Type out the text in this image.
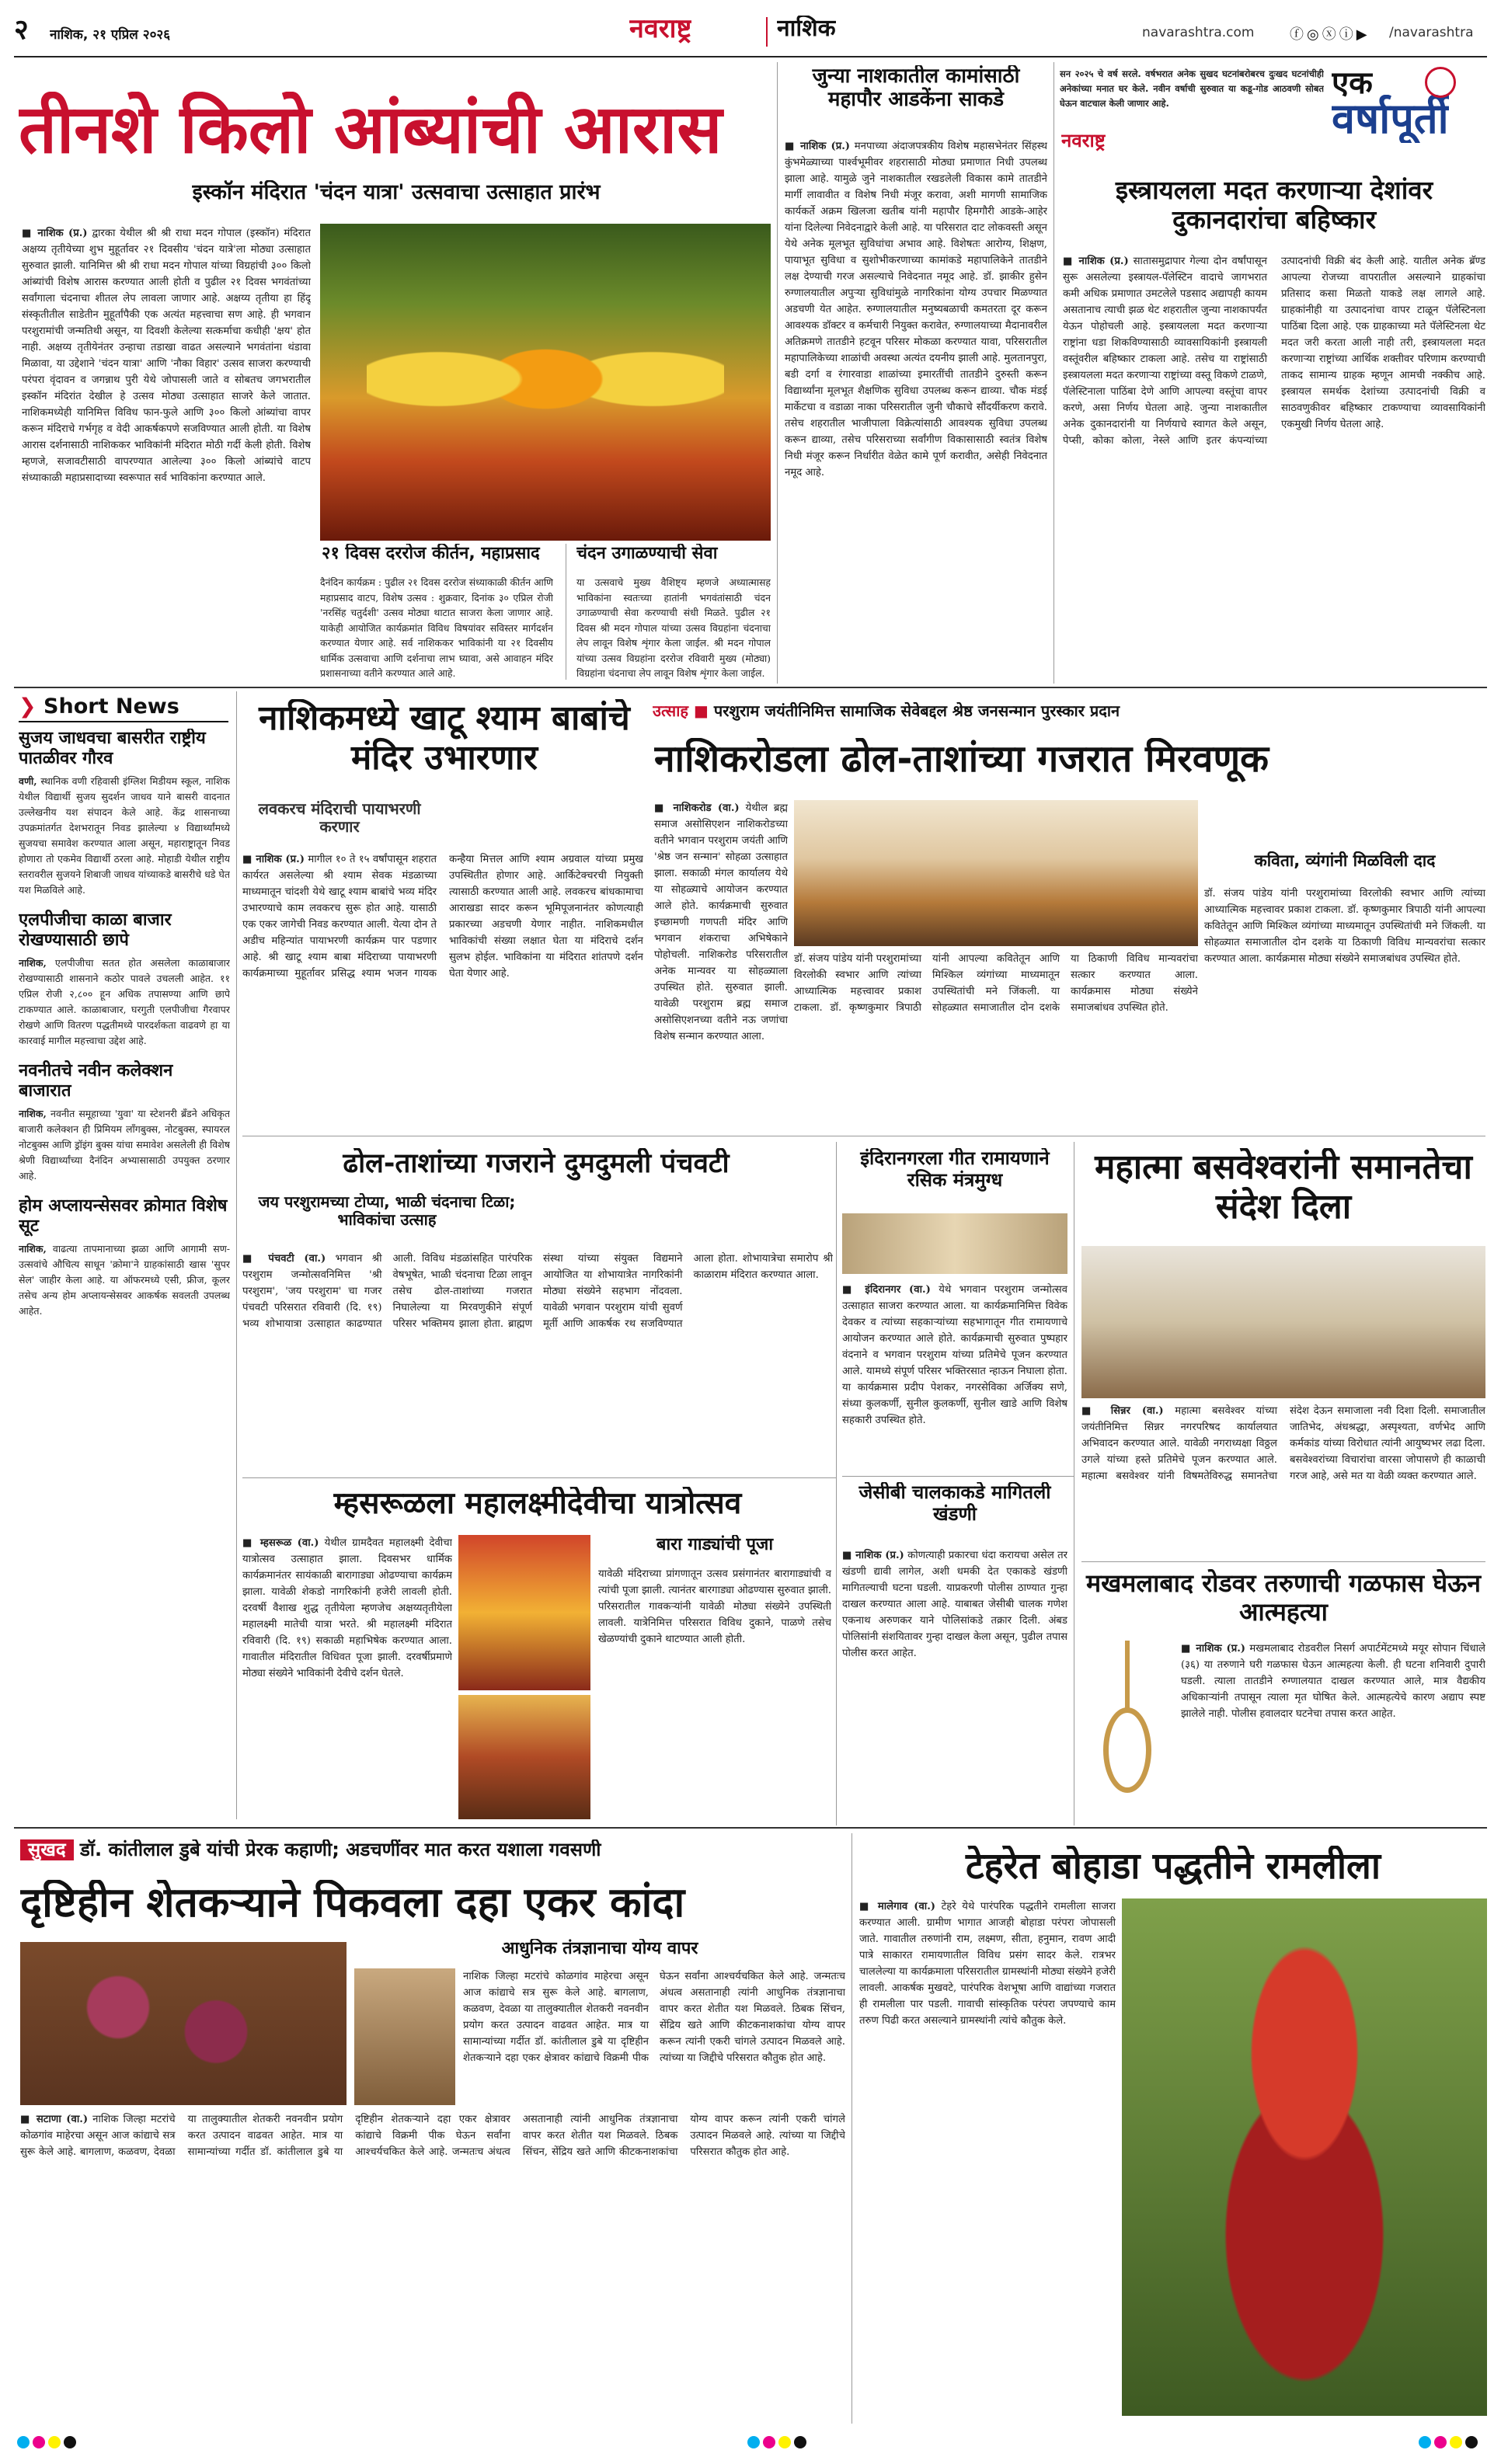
२ नाशिक, २१ एप्रिल २०२६	नवराष्ट्र	नाशिक	navarashtra.com	ⓕ◎ⓧⓘ▶ /navarashtra
तीनशे किलो आंब्यांची आरास
इस्कॉन मंदिरात 'चंदन यात्रा' उत्सवाचा उत्साहात प्रारंभ
■ नाशिक (प्र.) द्वारका येथील श्री श्री राधा मदन गोपाल (इस्कॉन) मंदिरात अक्षय्य तृतीयेच्या शुभ मुहूर्तावर २१ दिवसीय 'चंदन यात्रे'ला मोठ्या उत्साहात सुरुवात झाली. यानिमित्त श्री श्री राधा मदन गोपाल यांच्या विग्रहांची ३०० किलो आंब्यांची विशेष आरास करण्यात आली होती व पुढील २१ दिवस भगवंतांच्या सर्वांगाला चंदनाचा शीतल लेप लावला जाणार आहे. अक्षय्य तृतीया हा हिंदू संस्कृतीतील साडेतीन मुहूर्तांपैकी एक अत्यंत महत्त्वाचा सण आहे. ही भगवान परशुरामांची जन्मतिथी असून, या दिवशी केलेल्या सत्कर्माचा कधीही 'क्षय' होत नाही. अक्षय्य तृतीयेनंतर उन्हाचा तडाखा वाढत असल्याने भगवंतांना थंडावा मिळावा, या उद्देशाने 'चंदन यात्रा' आणि 'नौका विहार' उत्सव साजरा करण्याची परंपरा वृंदावन व जगन्नाथ पुरी येथे जोपासली जाते व सोबतच जगभरातील इस्कॉन मंदिरांत देखील हे उत्सव मोठ्या उत्साहात साजरे केले जातात. नाशिकमध्येही यानिमित्त विविध फान-फुले आणि ३०० किलो आंब्यांचा वापर करून मंदिराचे गर्भगृह व वेदी आकर्षकपणे सजविण्यात आली होती. या विशेष आरास दर्शनासाठी नाशिककर भाविकांनी मंदिरात मोठी गर्दी केली होती. विशेष म्हणजे, सजावटीसाठी वापरण्यात आलेल्या ३०० किलो आंब्यांचे वाटप संध्याकाळी महाप्रसादाच्या स्वरूपात सर्व भाविकांना करण्यात आले.
२१ दिवस दररोज कीर्तन, महाप्रसाद	चंदन उगाळण्याची सेवा
दैनंदिन कार्यक्रम : पुढील २१ दिवस दररोज संध्याकाळी कीर्तन आणि महाप्रसाद वाटप, विशेष उत्सव : शुक्रवार, दिनांक ३० एप्रिल रोजी 'नरसिंह चतुर्दशी' उत्सव मोठ्या थाटात साजरा केला जाणार आहे. याकेही आयोजित कार्यक्रमांत विविध विषयांवर सविस्तर मार्गदर्शन करण्यात येणार आहे. सर्व नाशिककर भाविकांनी या २१ दिवसीय धार्मिक उत्सवाचा आणि दर्शनाचा लाभ घ्यावा, असे आवाहन मंदिर प्रशासनाच्या वतीने करण्यात आले आहे.
या उत्सवाचे मुख्य वैशिष्ट्य म्हणजे अध्यात्मासह भाविकांना स्वतःच्या हातांनी भगवंतांसाठी चंदन उगाळण्याची सेवा करण्याची संधी मिळते. पुढील २१ दिवस श्री मदन गोपाल यांच्या उत्सव विग्रहांना चंदनाचा लेप लावून विशेष शृंगार केला जाईल. श्री मदन गोपाल यांच्या उत्सव विग्रहांना दररोज रविवारी मुख्य (मोठ्या) विग्रहांना चंदनाचा लेप लावून विशेष शृंगार केला जाईल.
जुन्या नाशकातील कामांसाठी महापौर आडकेंना साकडे
■ नाशिक (प्र.) मनपाच्या अंदाजपत्रकीय विशेष महासभेनंतर सिंहस्थ कुंभमेळ्याच्या पार्श्वभूमीवर शहरासाठी मोठ्या प्रमाणात निधी उपलब्ध झाला आहे. यामुळे जुने नाशकातील रखडलेली विकास कामे तातडीने मार्गी लावावीत व विशेष निधी मंजूर करावा, अशी मागणी सामाजिक कार्यकर्ते अक्रम खिलजा खतीब यांनी महापौर हिमगौरी आडके-आहेर यांना दिलेल्या निवेदनाद्वारे केली आहे. या परिसरात दाट लोकवस्ती असून येथे अनेक मूलभूत सुविधांचा अभाव आहे. विशेषतः आरोग्य, शिक्षण, पायाभूत सुविधा व सुशोभीकरणाच्या कामांकडे महापालिकेने तातडीने लक्ष देण्याची गरज असल्याचे निवेदनात नमूद आहे. डॉ. झाकीर हुसेन रुग्णालयातील अपुऱ्या सुविधांमुळे नागरिकांना योग्य उपचार मिळण्यात अडचणी येत आहेत. रुग्णालयातील मनुष्यबळाची कमतरता दूर करून आवश्यक डॉक्टर व कर्मचारी नियुक्त करावेत, रुग्णालयाच्या मैदानावरील अतिक्रमणे तातडीने हटवून परिसर मोकळा करण्यात यावा, परिसरातील महापालिकेच्या शाळांची अवस्था अत्यंत दयनीय झाली आहे. मुलतानपुरा, बडी दर्गा व रंगारवाडा शाळांच्या इमारतींची तातडीने दुरुस्ती करून विद्यार्थ्यांना मूलभूत शैक्षणिक सुविधा उपलब्ध करून द्याव्या. चौक मंडई मार्केटचा व वडाळा नाका परिसरातील जुनी चौकाचे सौंदर्यीकरण करावे. तसेच शहरातील भाजीपाला विक्रेत्यांसाठी आवश्यक सुविधा उपलब्ध करून द्याव्या, तसेच परिसराच्या सर्वांगीण विकासासाठी स्वतंत्र विशेष निधी मंजूर करून निर्धारीत वेळेत कामे पूर्ण करावीत, असेही निवेदनात नमूद आहे.
सन २०२५ चे वर्ष सरले. वर्षभरात अनेक सुखद घटनांबरोबरच दुःखद घटनांचीही अनेकांच्या मनात घर केले. नवीन वर्षाची सुरुवात या कडू-गोड आठवणी सोबत घेऊन वाटचाल केली जाणार आहे.
नवराष्ट्र
एक
वर्षापूर्ती
इस्त्रायलला मदत करणाऱ्या देशांवर दुकानदारांचा बहिष्कार
■ नाशिक (प्र.) सातासमुद्रापार गेल्या दोन वर्षांपासून सुरू असलेल्या इस्त्रायल-पॅलेस्टिन वादाचे जागभरात कमी अधिक प्रमाणात उमटलेले पडसाद अद्यापही कायम असतानाच त्याची झळ थेट शहरातील जुन्या नाशकापर्यंत येऊन पोहोचली आहे. इस्त्रायलला मदत करणाऱ्या राष्ट्रांना धडा शिकविण्यासाठी व्यावसायिकांनी इस्त्रायली वस्तूंवरील बहिष्कार टाकला आहे. तसेच या राष्ट्रांसाठी इस्त्रायलला मदत करणाऱ्या राष्ट्रांच्या वस्तू विकणे टाळणे, पॅलेस्टिनाला पाठिंबा देणे आणि आपल्या वस्तूंचा वापर करणे, असा निर्णय घेतला आहे. जुन्या नाशकातील अनेक दुकानदारांनी या निर्णयाचे स्वागत केले असून, पेप्सी, कोका कोला, नेस्ले आणि इतर कंपन्यांच्या उत्पादनांची विक्री बंद केली आहे. यातील अनेक ब्रॅण्ड आपल्या रोजच्या वापरातील असल्याने ग्राहकांचा प्रतिसाद कसा मिळतो याकडे लक्ष लागले आहे. ग्राहकांनीही या उत्पादनांचा वापर टाळून पॅलेस्टिनला पाठिंबा दिला आहे. एक ग्राहकाच्या मते पॅलेस्टिनला थेट मदत जरी करता आली नाही तरी, इस्त्रायलला मदत करणाऱ्या राष्ट्रांच्या आर्थिक शक्तीवर परिणाम करण्याची ताकद सामान्य ग्राहक म्हणून आमची नक्कीच आहे. इस्त्रायल समर्थक देशांच्या उत्पादनांची विक्री व साठवणुकीवर बहिष्कार टाकण्याचा व्यावसायिकांनी एकमुखी निर्णय घेतला आहे.
❯ Short News
सुजय जाधवचा बासरीत राष्ट्रीय पातळीवर गौरव

वणी, स्थानिक वणी रहिवासी इंग्लिश मिडीयम स्कूल, नाशिक येथील विद्यार्थी सुजय सुदर्शन जाधव याने बासरी वादनात उल्लेखनीय यश संपादन केले आहे. केंद्र शासनाच्या उपक्रमांतर्गत देशभरातून निवड झालेल्या ४ विद्यार्थ्यांमध्ये सुजयचा समावेश करण्यात आला असून, महाराष्ट्रातून निवड होणारा तो एकमेव विद्यार्थी ठरला आहे. मोहाडी येथील राष्ट्रीय स्तरावरील सुजयने शिबाजी जाधव यांच्याकडे बासरीचे धडे घेत यश मिळविले आहे.

एलपीजीचा काळा बाजार रोखण्यासाठी छापे

नाशिक, एलपीजीचा सतत होत असलेला काळाबाजार रोखण्यासाठी शासनाने कठोर पावले उचलली आहेत. ११ एप्रिल रोजी २,८०० हून अधिक तपासण्या आणि छापे टाकण्यात आले. काळाबाजार, घरगुती एलपीजीचा गैरवापर रोखणे आणि वितरण पद्धतीमध्ये पारदर्शकता वाढवणे हा या कारवाई मागील महत्त्वाचा उद्देश आहे.

नवनीतचे नवीन कलेक्शन बाजारात

नाशिक, नवनीत समूहाच्या 'युवा' या स्टेशनरी ब्रँडने अधिकृत बाजारी कलेक्शन ही प्रिमियम लाँगबुक्स, नोटबुक्स, स्पायरल नोटबुक्स आणि ड्रॉइंग बुक्स यांचा समावेश असलेली ही विशेष श्रेणी विद्यार्थ्यांच्या दैनंदिन अभ्यासासाठी उपयुक्त ठरणार आहे.

होम अप्लायन्सेसवर क्रोमात विशेष सूट

नाशिक, वाढत्या तापमानाच्या झळा आणि आगामी सण-उत्सवांचे औचित्य साधून 'क्रोमा'ने ग्राहकांसाठी खास 'सुपर सेल' जाहीर केला आहे. या ऑफरमध्ये एसी, फ्रीज, कूलर तसेच अन्य होम अप्लायन्सेसवर आकर्षक सवलती उपलब्ध आहेत.

नाशिकमध्ये खाटू श्याम बाबांचे मंदिर उभारणार
लवकरच मंदिराची पायाभरणी करणार
■ नाशिक (प्र.) मागील १० ते १५ वर्षांपासून शहरात कार्यरत असलेल्या श्री श्याम सेवक मंडळाच्या माध्यमातून चांदशी येथे खाटू श्याम बाबांचे भव्य मंदिर उभारण्याचे काम लवकरच सुरू होत आहे. यासाठी एक एकर जागेची निवड करण्यात आली. येत्या दोन ते अडीच महिन्यांत पायाभरणी कार्यक्रम पार पडणार आहे. श्री खाटू श्याम बाबा मंदिराच्या पायाभरणी कार्यक्रमाच्या मुहूर्तावर प्रसिद्ध श्याम भजन गायक कन्हैया मित्तल आणि श्याम अग्रवाल यांच्या प्रमुख उपस्थितीत होणार आहे. आर्किटेक्चरची नियुक्ती त्यासाठी करण्यात आली आहे. लवकरच बांधकामाचा आराखडा सादर करून भूमिपूजनानंतर कोणत्याही प्रकारच्या अडचणी येणार नाहीत. नाशिकमधील भाविकांची संख्या लक्षात घेता या मंदिराचे दर्शन सुलभ होईल. भाविकांना या मंदिरात शांतपणे दर्शन घेता येणार आहे.
उत्साह ■ परशुराम जयंतीनिमित्त सामाजिक सेवेबद्दल श्रेष्ठ जनसन्मान पुरस्कार प्रदान
नाशिकरोडला ढोल-ताशांच्या गजरात मिरवणूक
■ नाशिकरोड (वा.) येथील ब्रह्म समाज असोसिएशन नाशिकरोडच्या वतीने भगवान परशुराम जयंती आणि 'श्रेष्ठ जन सन्मान' सोहळा उत्साहात झाला. सकाळी मंगल कार्यालय येथे या सोहळ्याचे आयोजन करण्यात आले होते. कार्यक्रमाची सुरुवात इच्छामणी गणपती मंदिर आणि भगवान शंकराचा अभिषेकाने पोहोचली. नाशिकरोड परिसरातील अनेक मान्यवर या सोहळ्याला उपस्थित होते. सुरुवात झाली. यावेळी परशुराम ब्रह्म समाज असोसिएशनच्या वतीने नऊ जणांचा विशेष सन्मान करण्यात आला.
कविता, व्यंगांनी मिळविली दाद
डॉ. संजय पांडेय यांनी परशुरामांच्या विरलोकी स्वभार आणि त्यांच्या आध्यात्मिक महत्त्वावर प्रकाश टाकला. डॉ. कृष्णकुमार त्रिपाठी यांनी आपल्या कवितेतून आणि मिश्किल व्यंगांच्या माध्यमातून उपस्थितांची मने जिंकली. या सोहळ्यात समाजातील दोन दशके या ठिकाणी विविध मान्यवरांचा सत्कार करण्यात आला. कार्यक्रमास मोठ्या संख्येने समाजबांधव उपस्थित होते.
डॉ. संजय पांडेय यांनी परशुरामांच्या विरलोकी स्वभार आणि त्यांच्या आध्यात्मिक महत्त्वावर प्रकाश टाकला. डॉ. कृष्णकुमार त्रिपाठी यांनी आपल्या कवितेतून आणि मिश्किल व्यंगांच्या माध्यमातून उपस्थितांची मने जिंकली. या सोहळ्यात समाजातील दोन दशके या ठिकाणी विविध मान्यवरांचा सत्कार करण्यात आला. कार्यक्रमास मोठ्या संख्येने समाजबांधव उपस्थित होते.
ढोल-ताशांच्या गजराने दुमदुमली पंचवटी
जय परशुरामच्या टोप्या, भाळी चंदनाचा टिळा; भाविकांचा उत्साह
■ पंचवटी (वा.) भगवान श्री परशुराम जन्मोत्सवनिमित्त 'श्री परशुराम', 'जय परशुराम' चा गजर पंचवटी परिसरात रविवारी (दि. १९) भव्य शोभायात्रा उत्साहात काढण्यात आली. विविध मंडळांसहित पारंपरिक वेषभूषेत, भाळी चंदनाचा टिळा लावून तसेच ढोल-ताशांच्या गजरात निघालेल्या या मिरवणुकीने संपूर्ण परिसर भक्तिमय झाला होता. ब्राह्मण संस्था यांच्या संयुक्त विद्यमाने आयोजित या शोभायात्रेत नागरिकांनी मोठ्या संख्येने सहभाग नोंदवला. यावेळी भगवान परशुराम यांची सुवर्ण मूर्ती आणि आकर्षक रथ सजविण्यात आला होता. शोभायात्रेचा समारोप श्री काळाराम मंदिरात करण्यात आला.
इंदिरानगरला गीत रामायणाने रसिक मंत्रमुग्ध
■ इंदिरानगर (वा.) येथे भगवान परशुराम जन्मोत्सव उत्साहात साजरा करण्यात आला. या कार्यक्रमानिमित्त विवेक देवकर व त्यांच्या सहकाऱ्यांच्या सहभागातून गीत रामायणाचे आयोजन करण्यात आले होते. कार्यक्रमाची सुरुवात पुष्पहार वंदनाने व भगवान परशुराम यांच्या प्रतिमेचे पूजन करण्यात आले. यामध्ये संपूर्ण परिसर भक्तिरसात न्हाऊन निघाला होता. या कार्यक्रमास प्रदीप पेशकर, नगरसेविका अर्जिक्य सणे, संध्या कुलकर्णी, सुनील कुलकर्णी, सुनील खाडे आणि विशेष सहकारी उपस्थित होते.
महात्मा बसवेश्वरांनी समानतेचा संदेश दिला
■ सिन्नर (वा.) महात्मा बसवेश्वर यांच्या जयंतीनिमित्त सिन्नर नगरपरिषद कार्यालयात अभिवादन करण्यात आले. यावेळी नगराध्यक्षा विठ्ठल उगले यांच्या हस्ते प्रतिमेचे पूजन करण्यात आले. महात्मा बसवेश्वर यांनी विषमतेविरुद्ध समानतेचा संदेश देऊन समाजाला नवी दिशा दिली. समाजातील जातिभेद, अंधश्रद्धा, अस्पृश्यता, वर्णभेद आणि कर्मकांड यांच्या विरोधात त्यांनी आयुष्यभर लढा दिला. बसवेश्वरांच्या विचारांचा वारसा जोपासणे ही काळाची गरज आहे, असे मत या वेळी व्यक्त करण्यात आले.
म्हसरूळला महालक्ष्मीदेवीचा यात्रोत्सव
■ म्हसरूळ (वा.) येथील ग्रामदैवत महालक्ष्मी देवीचा यात्रोत्सव उत्साहात झाला. दिवसभर धार्मिक कार्यक्रमानंतर सायंकाळी बारागाड्या ओढण्याचा कार्यक्रम झाला. यावेळी शेकडो नागरिकांनी हजेरी लावली होती. दरवर्षी वैशाख शुद्ध तृतीयेला म्हणजेच अक्षय्यतृतीयेला महालक्ष्मी मातेची यात्रा भरते. श्री महालक्ष्मी मंदिरात रविवारी (दि. १९) सकाळी महाभिषेक करण्यात आला. गावातील मंदिरातील विधिवत पूजा झाली. दरवर्षीप्रमाणे मोठ्या संख्येने भाविकांनी देवीचे दर्शन घेतले.
बारा गाड्यांची पूजा
यावेळी मंदिराच्या प्रांगणातून उत्सव प्रसंगानंतर बारागाड्यांची व त्यांची पूजा झाली. त्यानंतर बारगाड्या ओढण्यास सुरुवात झाली. परिसरातील गावकऱ्यांनी यावेळी मोठ्या संख्येने उपस्थिती लावली. यात्रेनिमित्त परिसरात विविध दुकाने, पाळणे तसेच खेळण्यांची दुकाने थाटण्यात आली होती.
जेसीबी चालकाकडे मागितली खंडणी
■ नाशिक (प्र.) कोणत्याही प्रकारचा धंदा करायचा असेल तर खंडणी द्यावी लागेल, अशी धमकी देत एकाकडे खंडणी मागितल्याची घटना घडली. याप्रकरणी पोलीस ठाण्यात गुन्हा दाखल करण्यात आला आहे. याबाबत जेसीबी चालक गणेश एकनाथ अरुणकर याने पोलिसांकडे तक्रार दिली. अंबड पोलिसांनी संशयितावर गुन्हा दाखल केला असून, पुढील तपास पोलीस करत आहेत.
मखमलाबाद रोडवर तरुणाची गळफास घेऊन आत्महत्या
■ नाशिक (प्र.) मखमलाबाद रोडवरील निसर्ग अपार्टमेंटमध्ये मयूर सोपान चिंधाले (३६) या तरुणाने घरी गळफास घेऊन आत्महत्या केली. ही घटना शनिवारी दुपारी घडली. त्याला तातडीने रुग्णालयात दाखल करण्यात आले, मात्र वैद्यकीय अधिकाऱ्यांनी तपासून त्याला मृत घोषित केले. आत्महत्येचे कारण अद्याप स्पष्ट झालेले नाही. पोलीस हवालदार घटनेचा तपास करत आहेत.
सुखद डॉ. कांतीलाल डुबे यांची प्रेरक कहाणी; अडचणींवर मात करत यशाला गवसणी
दृष्टिहीन शेतकऱ्याने पिकवला दहा एकर कांदा
आधुनिक तंत्रज्ञानाचा योग्य वापर
नाशिक जिल्हा मटरांचे कोळगांव माहेरचा असून आज कांद्याचे सत्र सुरू केले आहे. बागलाण, कळवण, देवळा या तालुक्यातील शेतकरी नवनवीन प्रयोग करत उत्पादन वाढवत आहेत. मात्र या सामान्यांच्या गर्दीत डॉ. कांतीलाल डुबे या दृष्टिहीन शेतकऱ्याने दहा एकर क्षेत्रावर कांद्याचे विक्रमी पीक घेऊन सर्वांना आश्चर्यचकित केले आहे. जन्मतःच अंधत्व असतानाही त्यांनी आधुनिक तंत्रज्ञानाचा वापर करत शेतीत यश मिळवले. ठिबक सिंचन, सेंद्रिय खते आणि कीटकनाशकांचा योग्य वापर करून त्यांनी एकरी चांगले उत्पादन मिळवले आहे. त्यांच्या या जिद्दीचे परिसरात कौतुक होत आहे.
■ सटाणा (वा.) नाशिक जिल्हा मटरांचे कोळगांव माहेरचा असून आज कांद्याचे सत्र सुरू केले आहे. बागलाण, कळवण, देवळा या तालुक्यातील शेतकरी नवनवीन प्रयोग करत उत्पादन वाढवत आहेत. मात्र या सामान्यांच्या गर्दीत डॉ. कांतीलाल डुबे या दृष्टिहीन शेतकऱ्याने दहा एकर क्षेत्रावर कांद्याचे विक्रमी पीक घेऊन सर्वांना आश्चर्यचकित केले आहे. जन्मतःच अंधत्व असतानाही त्यांनी आधुनिक तंत्रज्ञानाचा वापर करत शेतीत यश मिळवले. ठिबक सिंचन, सेंद्रिय खते आणि कीटकनाशकांचा योग्य वापर करून त्यांनी एकरी चांगले उत्पादन मिळवले आहे. त्यांच्या या जिद्दीचे परिसरात कौतुक होत आहे.
टेहरेत बोहाडा पद्धतीने रामलीला
■ मालेगाव (वा.) टेहरे येथे पारंपरिक पद्धतीने रामलीला साजरा करण्यात आली. ग्रामीण भागात आजही बोहाडा परंपरा जोपासली जाते. गावातील तरुणांनी राम, लक्ष्मण, सीता, हनुमान, रावण आदी पात्रे साकारत रामायणातील विविध प्रसंग सादर केले. रात्रभर चाललेल्या या कार्यक्रमाला परिसरातील ग्रामस्थांनी मोठ्या संख्येने हजेरी लावली. आकर्षक मुखवटे, पारंपरिक वेशभूषा आणि वाद्यांच्या गजरात ही रामलीला पार पडली. गावाची सांस्कृतिक परंपरा जपण्याचे काम तरुण पिढी करत असल्याने ग्रामस्थांनी त्यांचे कौतुक केले.
